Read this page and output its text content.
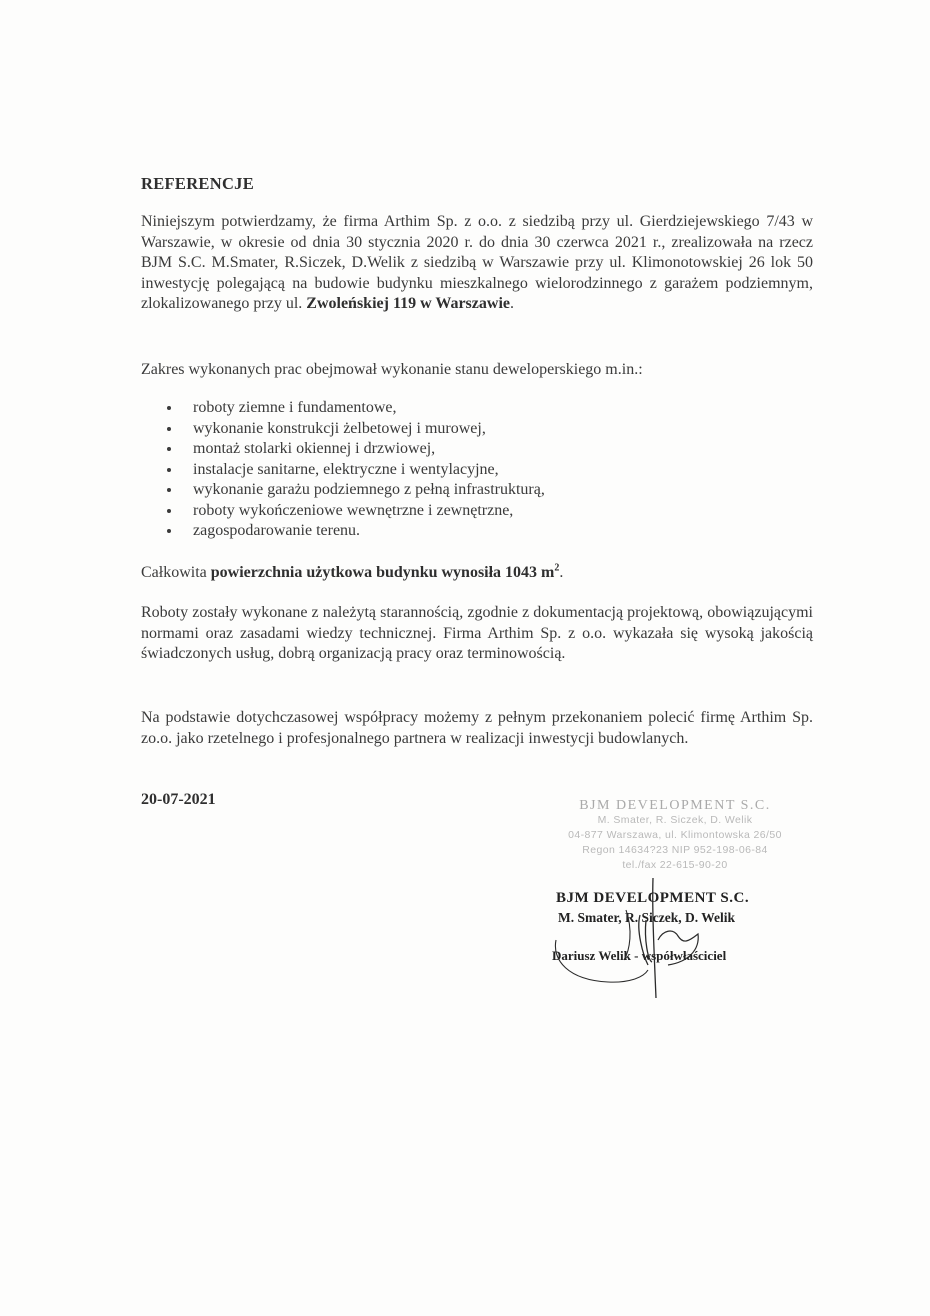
REFERENCJE
Niniejszym potwierdzamy, że firma Arthim Sp. z o.o. z siedzibą przy ul. Gierdziejewskiego 7/43 w Warszawie, w okresie od dnia 30 stycznia 2020 r. do dnia 30 czerwca 2021 r., zrealizowała na rzecz BJM S.C. M.Smater, R.Siczek, D.Welik z siedzibą w Warszawie przy ul. Klimonotowskiej 26 lok 50 inwestycję polegającą na budowie budynku mieszkalnego wielorodzinnego z garażem podziemnym, zlokalizowanego przy ul. Zwoleńskiej 119 w Warszawie.
Zakres wykonanych prac obejmował wykonanie stanu deweloperskiego m.in.:
roboty ziemne i fundamentowe,
wykonanie konstrukcji żelbetowej i murowej,
montaż stolarki okiennej i drzwiowej,
instalacje sanitarne, elektryczne i wentylacyjne,
wykonanie garażu podziemnego z pełną infrastrukturą,
roboty wykończeniowe wewnętrzne i zewnętrzne,
zagospodarowanie terenu.
Całkowita powierzchnia użytkowa budynku wynosiła 1043 $m^2$.
Roboty zostały wykonane z należytą starannością, zgodnie z dokumentacją projektową, obowiązującymi normami oraz zasadami wiedzy technicznej. Firma Arthim Sp. z o.o. wykazała się wysoką jakością świadczonych usług, dobrą organizacją pracy oraz terminowością.
Na podstawie dotychczasowej współpracy możemy z pełnym przekonaniem polecić firmę Arthim Sp. zo.o. jako rzetelnego i profesjonalnego partnera w realizacji inwestycji budowlanych.
20-07-2021	BJM DEVELOPMENT S.C.
M. Smater, R. Siczek, D. Welik
04-877 Warszawa, ul. Klimontowska 26/50
Regon 14634?23 NIP 952-198-06-84
tel./fax 22-615-90-20
BJM DEVELOPMENT S.C.
M. Smater, R. Siczek, D. Welik
Dariusz Welik - współwłaściciel
